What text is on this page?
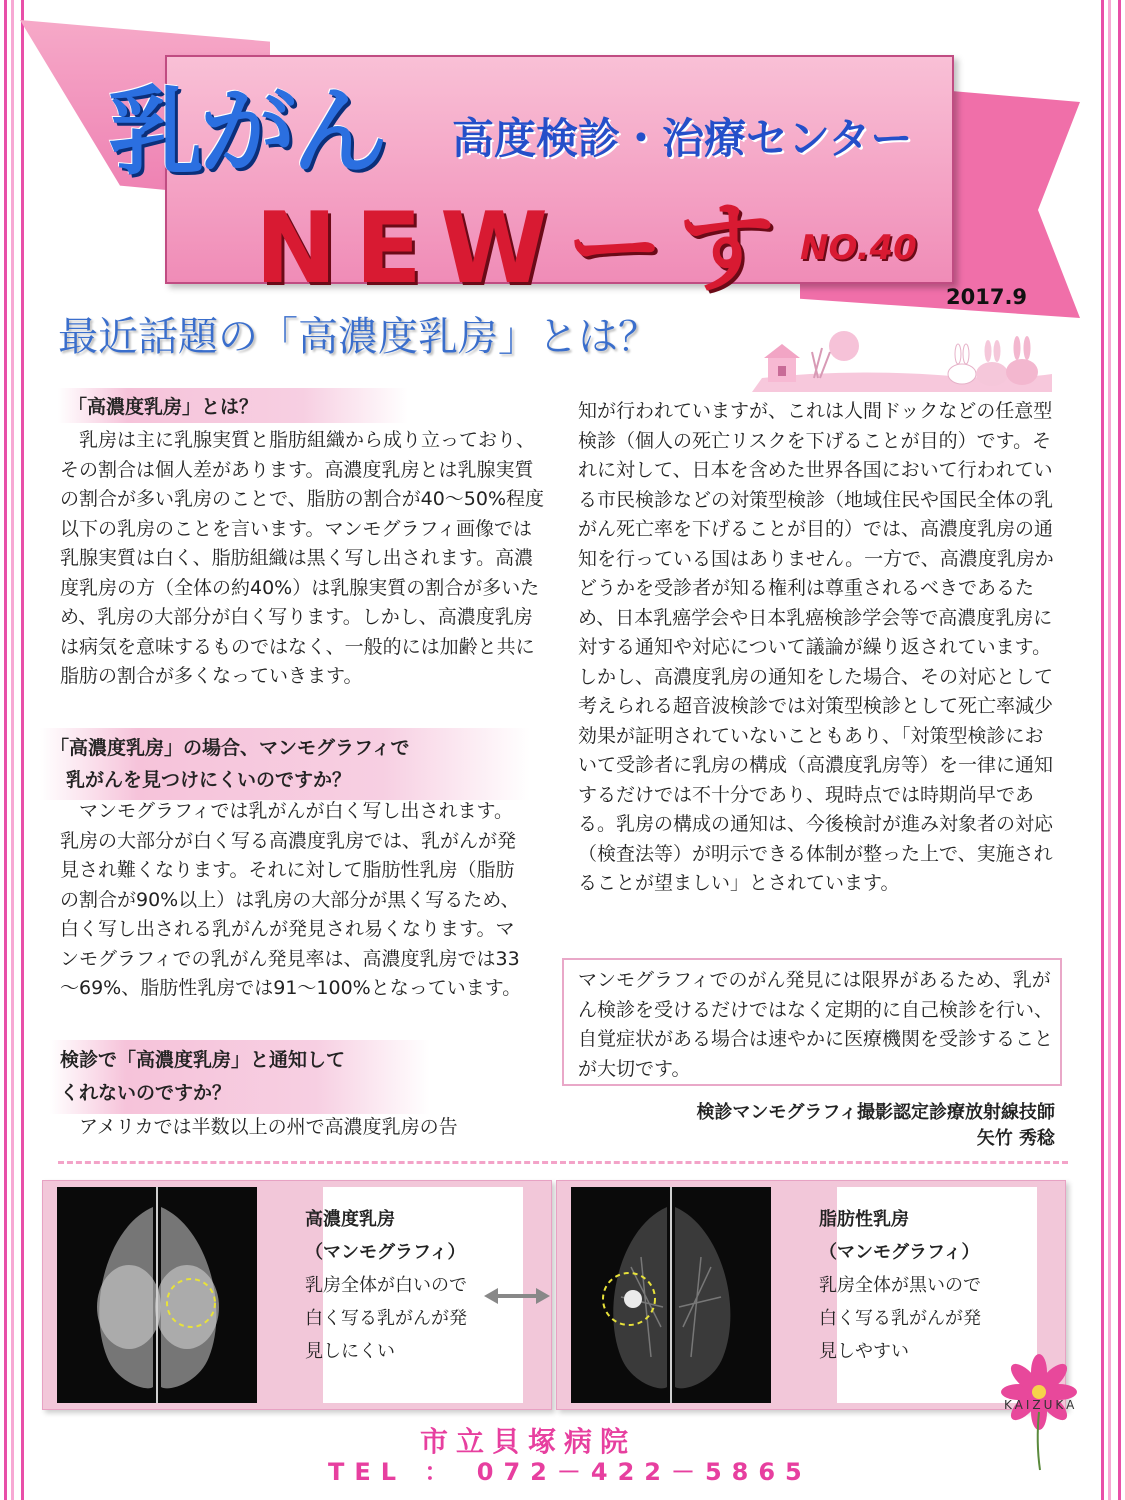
乳がん 高度検診・治療センター
NEWーす NO.40
2017.9
最近話題の「高濃度乳房」とは？
「高濃度乳房」とは？

乳房は主に乳腺実質と脂肪組織から成り立っており、その割合は個人差があります。高濃度乳房とは乳腺実質の割合が多い乳房のことで、脂肪の割合が40～50%程度以下の乳房のことを言います。マンモグラフィ画像では乳腺実質は白く、脂肪組織は黒く写し出されます。高濃度乳房の方（全体の約40%）は乳腺実質の割合が多いため、乳房の大部分が白く写ります。しかし、高濃度乳房は病気を意味するものではなく、一般的には加齢と共に脂肪の割合が多くなっていきます。

「高濃度乳房」の場合、マンモグラフィで
乳がんを見つけにくいのですか？

マンモグラフィでは乳がんが白く写し出されます。乳房の大部分が白く写る高濃度乳房では、乳がんが発見され難くなります。それに対して脂肪性乳房（脂肪の割合が90%以上）は乳房の大部分が黒く写るため、白く写し出される乳がんが発見され易くなります。マンモグラフィでの乳がん発見率は、高濃度乳房では33～69%、脂肪性乳房では91～100%となっています。

検診で「高濃度乳房」と通知して
くれないのですか？

アメリカでは半数以上の州で高濃度乳房の告

知が行われていますが、これは人間ドックなどの任意型検診（個人の死亡リスクを下げることが目的）です。それに対して、日本を含めた世界各国において行われている市民検診などの対策型検診（地域住民や国民全体の乳がん死亡率を下げることが目的）では、高濃度乳房の通知を行っている国はありません。一方で、高濃度乳房かどうかを受診者が知る権利は尊重されるべきであるため、日本乳癌学会や日本乳癌検診学会等で高濃度乳房に対する通知や対応について議論が繰り返されています。しかし、高濃度乳房の通知をした場合、その対応として考えられる超音波検診では対策型検診として死亡率減少効果が証明されていないこともあり、「対策型検診において受診者に乳房の構成（高濃度乳房等）を一律に通知するだけでは不十分であり、現時点では時期尚早である。乳房の構成の通知は、今後検討が進み対象者の対応（検査法等）が明示できる体制が整った上で、実施されることが望ましい」とされています。

マンモグラフィでのがん発見には限界があるため、乳がん検診を受けるだけではなく定期的に自己検診を行い、自覚症状がある場合は速やかに医療機関を受診することが大切です。
検診マンモグラフィ撮影認定診療放射線技師
矢竹 秀稔
高濃度乳房
（マンモグラフィ）
乳房全体が白いので
白く写る乳がんが発
見しにくい
脂肪性乳房
（マンモグラフィ）
乳房全体が黒いので
白く写る乳がんが発
見しやすい
市立貝塚病院
TEL ： 072－422－5865
KAIZUKA
